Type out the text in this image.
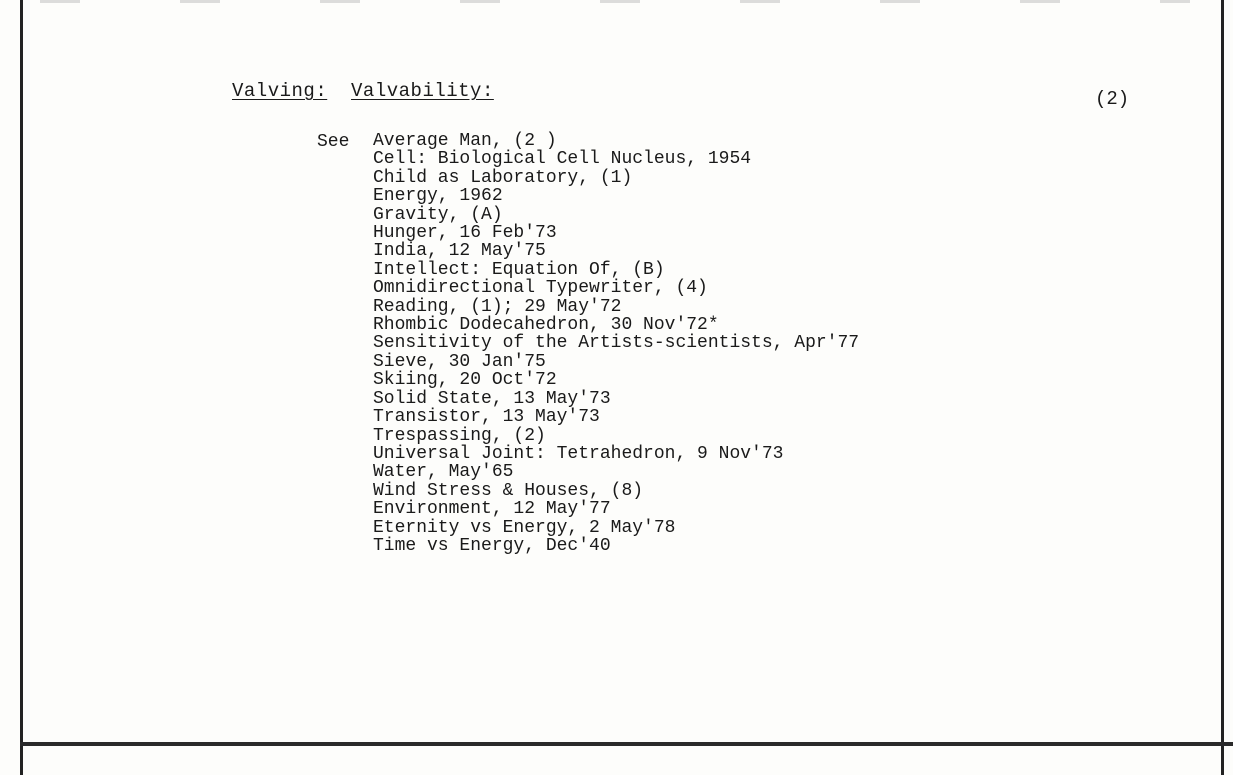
Valving: Valvability:	(2)
See Average Man, (2 )
Cell: Biological Cell Nucleus, 1954
Child as Laboratory, (1)
Energy, 1962
Gravity, (A)
Hunger, 16 Feb'73
India, 12 May'75
Intellect: Equation Of, (B)
Omnidirectional Typewriter, (4)
Reading, (1); 29 May'72
Rhombic Dodecahedron, 30 Nov'72*
Sensitivity of the Artists-scientists, Apr'77
Sieve, 30 Jan'75
Skiing, 20 Oct'72
Solid State, 13 May'73
Transistor, 13 May'73
Trespassing, (2)
Universal Joint: Tetrahedron, 9 Nov'73
Water, May'65
Wind Stress & Houses, (8)
Environment, 12 May'77
Eternity vs Energy, 2 May'78
Time vs Energy, Dec'40
